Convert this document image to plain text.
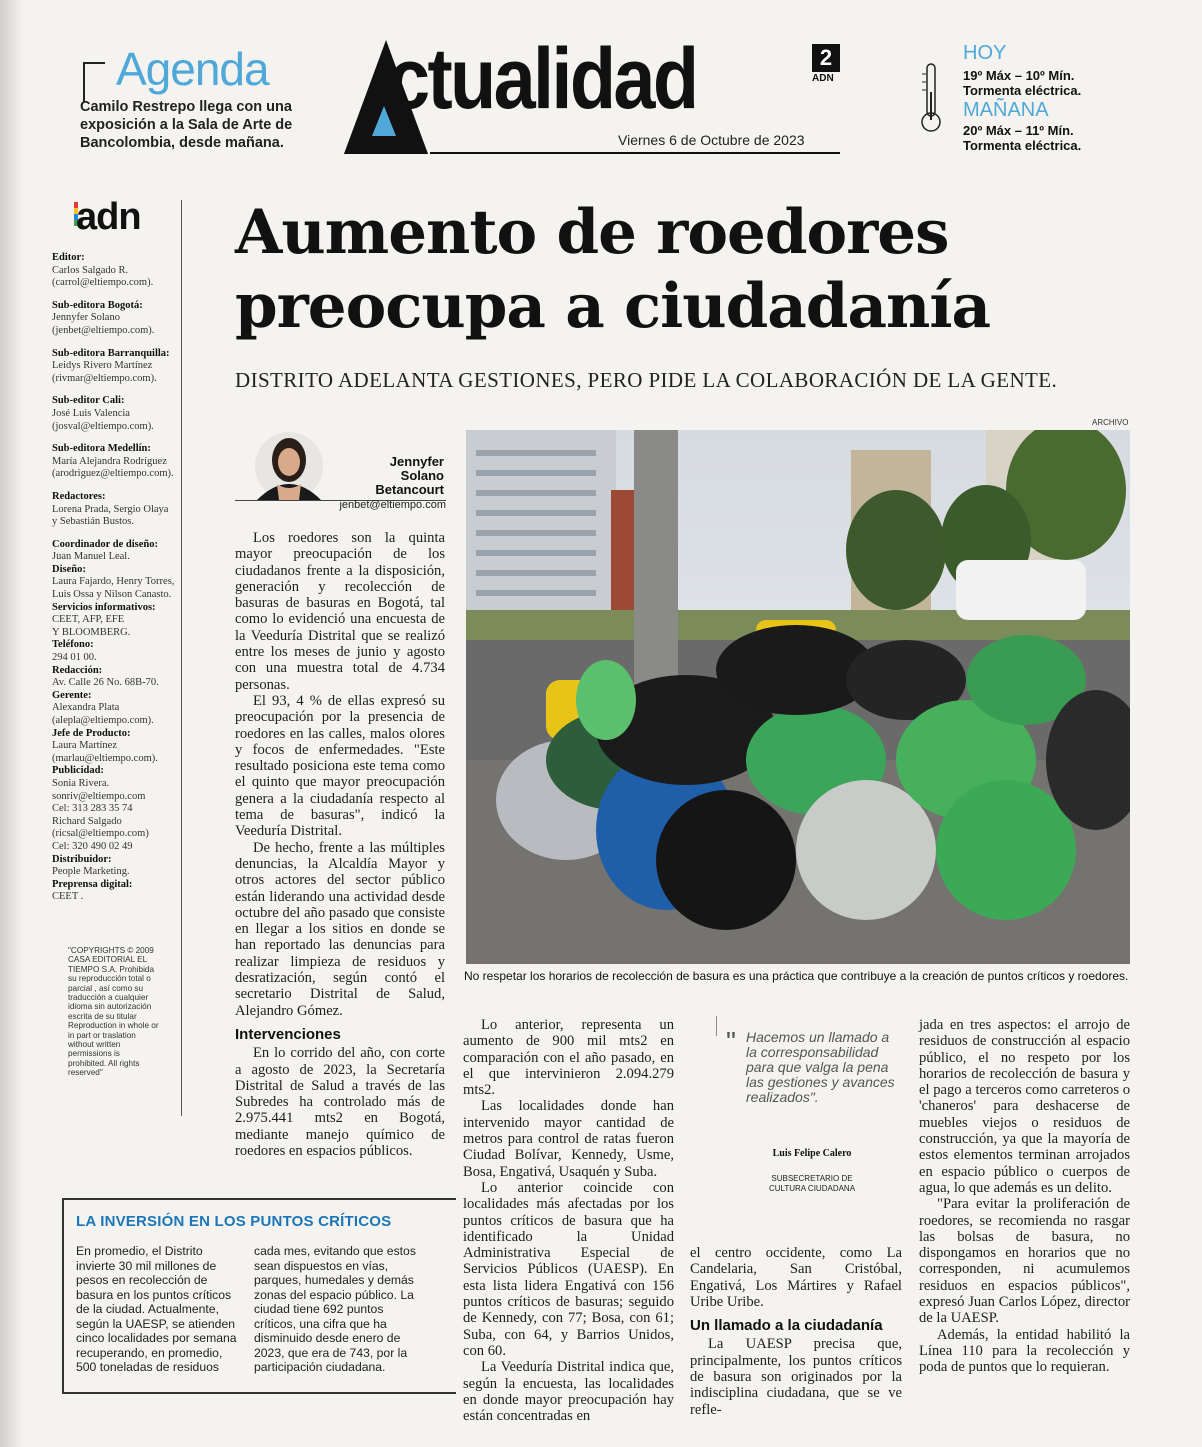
Agenda
Camilo Restrepo llega con una exposición a la Sala de Arte de Bancolombia, desde mañana.
ctualidad
Viernes 6 de Octubre de 2023
2
ADN
HOY
19º Máx – 10º Mín.
Tormenta eléctrica.
MAÑANA
20º Máx – 11º Mín.
Tormenta eléctrica.
adn
Editor:
Carlos Salgado R.
(carrol@eltiempo.com).
Sub-editora Bogotá:
Jennyfer Solano
(jenbet@eltiempo.com).
Sub-editora Barranquilla:
Leidys Rivero Martínez
(rivmar@eltiempo.com).
Sub-editor Cali:
José Luis Valencia
(josval@eltiempo.com).
Sub-editora Medellín:
María Alejandra Rodríguez
(arodriguez@eltiempo.com).
Redactores:
Lorena Prada, Sergio Olaya
y Sebastián Bustos.
Coordinador de diseño:
Juan Manuel Leal.
Diseño:
Laura Fajardo, Henry Torres,
Luis Ossa y Nilson Canasto.
Servicios informativos:
CEET, AFP, EFE
Y BLOOMBERG.
Teléfono:
294 01 00.
Redacción:
Av. Calle 26 No. 68B-70.
Gerente:
Alexandra Plata
(alepla@eltiempo.com).
Jefe de Producto:
Laura Martínez
(marlau@eltiempo.com).
Publicidad:
Sonia Rivera.
sonriv@eltiempo.com
Cel: 313 283 35 74
Richard Salgado
(ricsal@eltiempo.com)
Cel: 320 490 02 49
Distribuidor:
People Marketing.
Preprensa digital:
CEET .
"COPYRIGHTS © 2009 CASA EDITORIAL EL TIEMPO S.A. Prohibida su reproducción total o parcial , así como su traducción a cualquier idioma sin autorización escrita de su titular Reproduction in whole or in part or traslation without written permissions is prohibited. All rights reserved"
Aumento de roedores
preocupa a ciudadanía
DISTRITO ADELANTA GESTIONES, PERO PIDE LA COLABORACIÓN DE LA GENTE.
Jennyfer Solano Betancourt
jenbet@eltiempo.com

Los roedores son la quinta mayor preocupación de los ciudadanos frente a la disposición, generación y recolección de basuras de basuras en Bogotá, tal como lo evidenció una encuesta de la Veeduría Distrital que se realizó entre los meses de junio y agosto con una muestra total de 4.734 personas.

El 93, 4 % de ellas expresó su preocupación por la presencia de roedores en las calles, malos olores y focos de enfermedades. "Este resultado posiciona este tema como el quinto que mayor preocupación genera a la ciudadanía respecto al tema de basuras", indicó la Veeduría Distrital.

De hecho, frente a las múltiples denuncias, la Alcaldía Mayor y otros actores del sector público están liderando una actividad desde octubre del año pasado que consiste en llegar a los sitios en donde se han reportado las denuncias para realizar limpieza de residuos y desratización, según contó el secretario Distrital de Salud, Alejandro Gómez.

Intervenciones

En lo corrido del año, con corte a agosto de 2023, la Secretaría Distrital de Salud a través de las Subredes ha controlado más de 2.975.441 mts2 en Bogotá, mediante manejo químico de roedores en espacios públicos.

ARCHIVO
No respetar los horarios de recolección de basura es una práctica que contribuye a la creación de puntos críticos y roedores.

Lo anterior, representa un aumento de 900 mil mts2 en comparación con el año pasado, en el que intervinieron 2.094.279 mts2.

Las localidades donde han intervenido mayor cantidad de metros para control de ratas fueron Ciudad Bolívar, Kennedy, Usme, Bosa, Engativá, Usaquén y Suba.

Lo anterior coincide con localidades más afectadas por los puntos críticos de basura que ha identificado la Unidad Administrativa Especial de Servicios Públicos (UAESP). En esta lista lidera Engativá con 156 puntos críticos de basuras; seguido de Kennedy, con 77; Bosa, con 61; Suba, con 64, y Barrios Unidos, con 60.

La Veeduría Distrital indica que, según la encuesta, las localidades en donde mayor preocupación hay están concentradas en

" Hacemos un llamado a la corresponsabilidad para que valga la pena las gestiones y avances realizados".
Luis Felipe Calero
SUBSECRETARIO DE CULTURA CIUDADANA

el centro occidente, como La Candelaria, San Cristóbal, Engativá, Los Mártires y Rafael Uribe Uribe.

Un llamado a la ciudadanía

La UAESP precisa que, principalmente, los puntos críticos de basura son originados por la indisciplina ciudadana, que se ve refle-

jada en tres aspectos: el arrojo de residuos de construcción al espacio público, el no respeto por los horarios de recolección de basura y el pago a terceros como carreteros o 'chaneros' para deshacerse de muebles viejos o residuos de construcción, ya que la mayoría de estos elementos terminan arrojados en espacio público o cuerpos de agua, lo que además es un delito.

"Para evitar la proliferación de roedores, se recomienda no rasgar las bolsas de basura, no dispongamos en horarios que no corresponden, ni acumulemos residuos en espacios públicos", expresó Juan Carlos López, director de la UAESP.

Además, la entidad habilitó la Línea 110 para la recolección y poda de puntos que lo requieran.

LA INVERSIÓN EN LOS PUNTOS CRÍTICOS
En promedio, el Distrito invierte 30 mil millones de pesos en recolección de basura en los puntos críticos de la ciudad. Actualmente, según la UAESP, se atienden cinco localidades por semana recuperando, en promedio, 500 toneladas de residuos
cada mes, evitando que estos sean dispuestos en vías, parques, humedales y demás zonas del espacio público. La ciudad tiene 692 puntos críticos, una cifra que ha disminuido desde enero de 2023, que era de 743, por la participación ciudadana.
